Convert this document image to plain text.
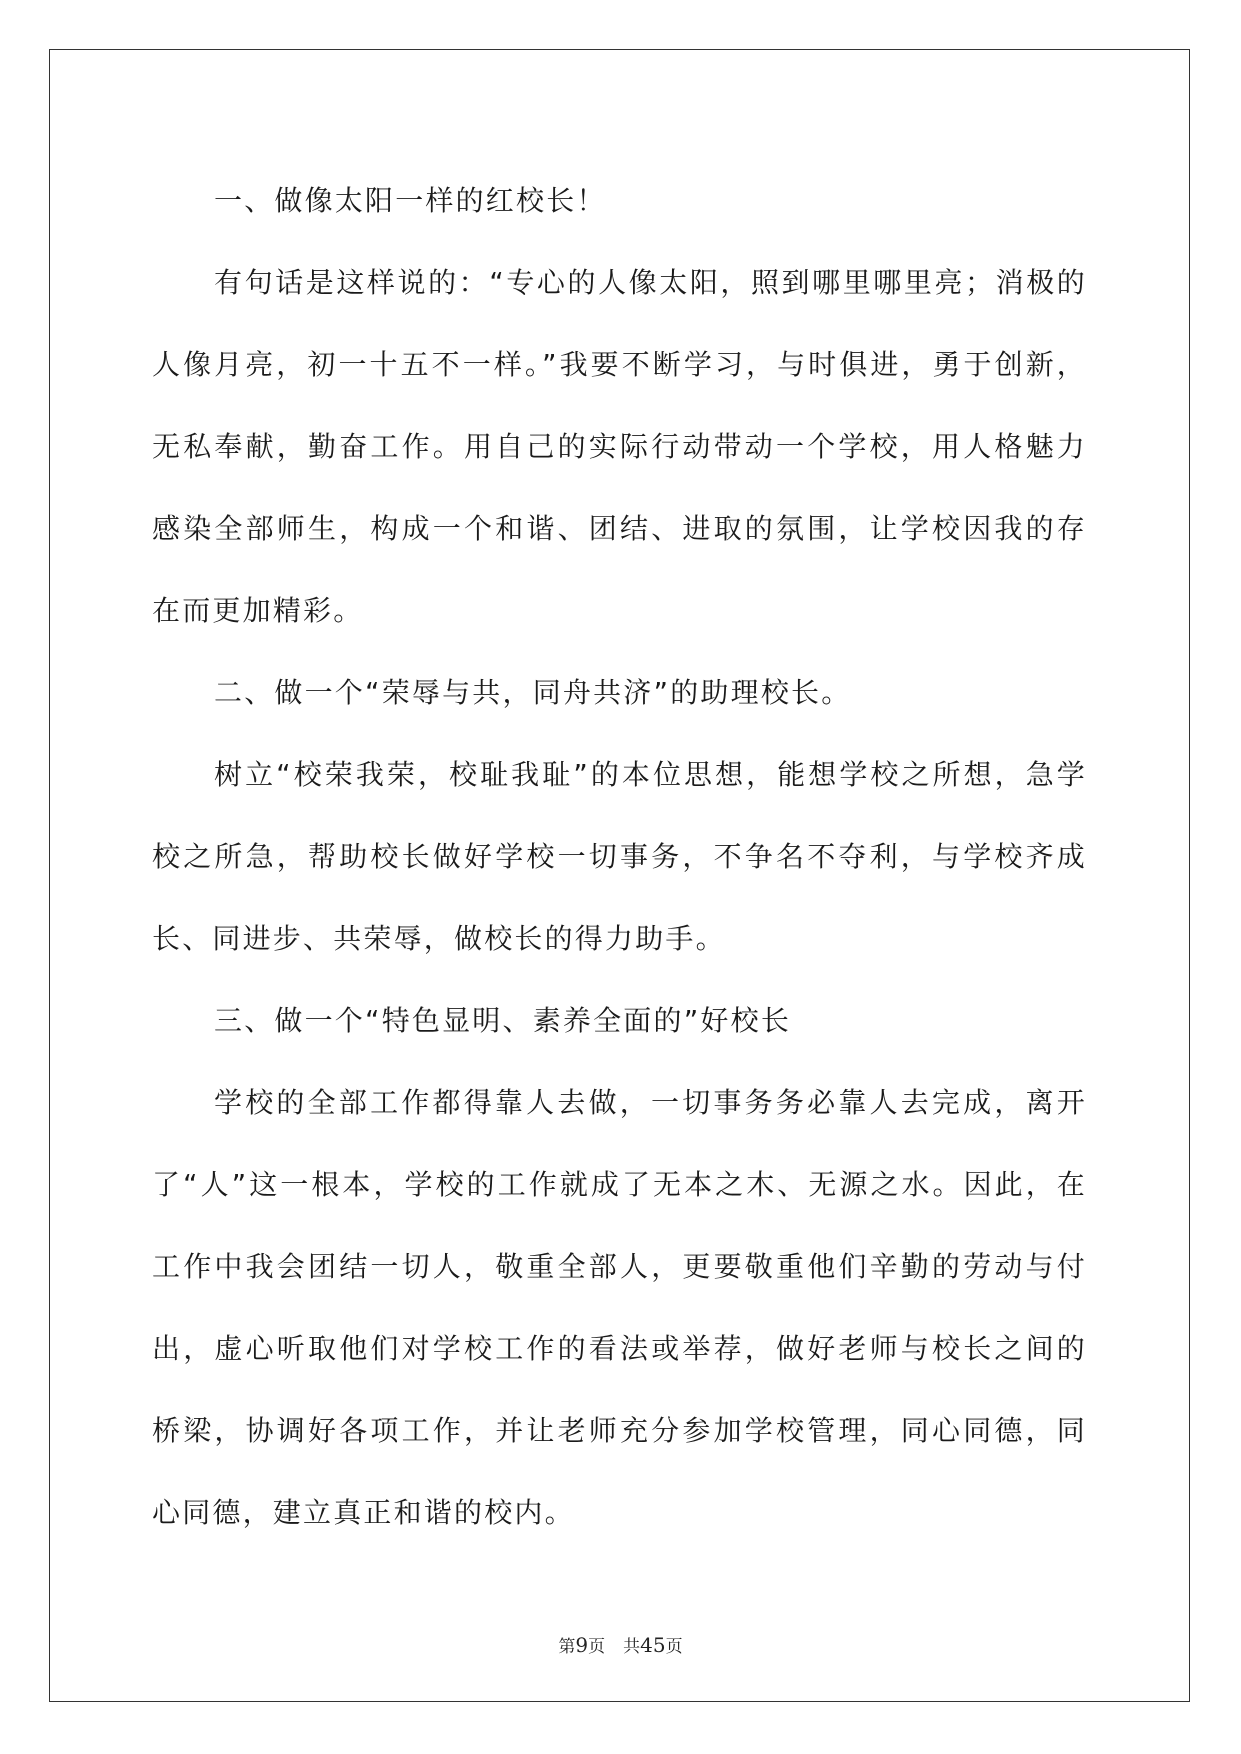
一、做像太阳一样的红校长！

有句话是这样说的：“专心的人像太阳，照到哪里哪里亮；消极的人像月亮，初一十五不一样。”我要不断学习，与时俱进，勇于创新，无私奉献，勤奋工作。用自己的实际行动带动一个学校，用人格魅力感染全部师生，构成一个和谐、团结、进取的氛围，让学校因我的存在而更加精彩。

二、做一个“荣辱与共，同舟共济”的助理校长。

树立“校荣我荣，校耻我耻”的本位思想，能想学校之所想，急学校之所急，帮助校长做好学校一切事务，不争名不夺利，与学校齐成长、同进步、共荣辱，做校长的得力助手。

三、做一个“特色显明、素养全面的”好校长

学校的全部工作都得靠人去做，一切事务务必靠人去完成，离开了“人”这一根本，学校的工作就成了无本之木、无源之水。因此，在工作中我会团结一切人，敬重全部人，更要敬重他们辛勤的劳动与付出，虚心听取他们对学校工作的看法或举荐，做好老师与校长之间的桥梁，协调好各项工作，并让老师充分参加学校管理，同心同德，同心同德，建立真正和谐的校内。

第9页 共45页
